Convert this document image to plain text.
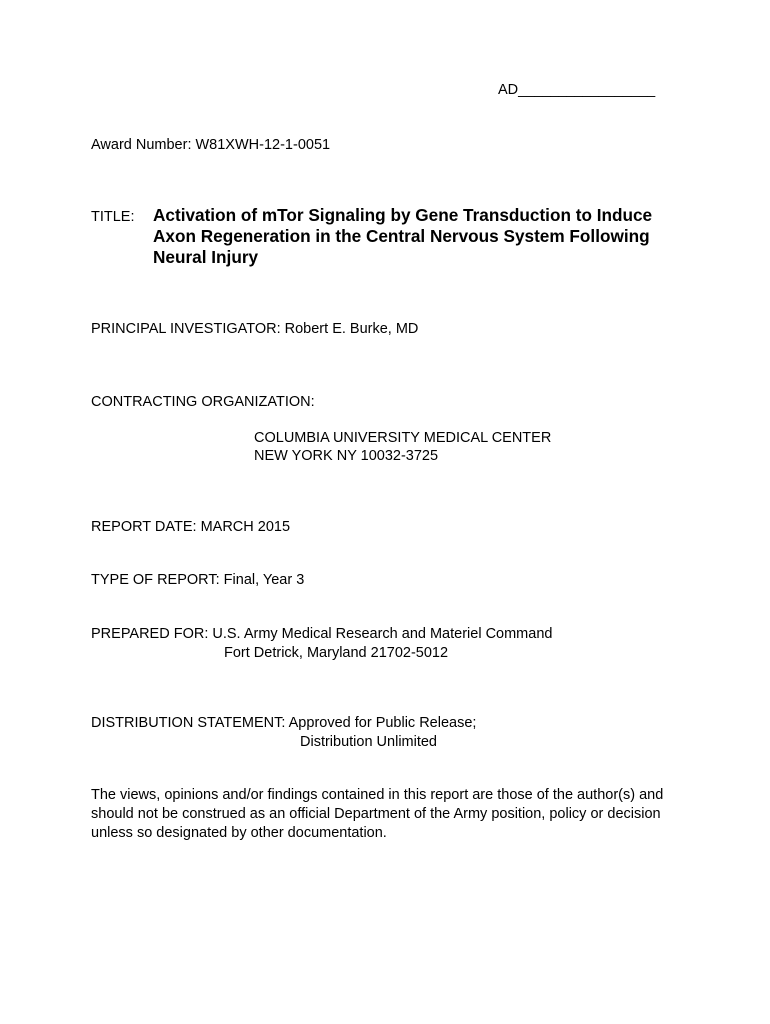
AD_________________
Award Number: W81XWH-12-1-0051
TITLE: Activation of mTor Signaling by Gene Transduction to Induce
Axon Regeneration in the Central Nervous System Following
Neural Injury
PRINCIPAL INVESTIGATOR: Robert E. Burke, MD
CONTRACTING ORGANIZATION:
COLUMBIA UNIVERSITY MEDICAL CENTER
NEW YORK NY 10032-3725
REPORT DATE: MARCH 2015
TYPE OF REPORT: Final, Year 3
PREPARED FOR: U.S. Army Medical Research and Materiel Command
Fort Detrick, Maryland 21702-5012
DISTRIBUTION STATEMENT: Approved for Public Release;
Distribution Unlimited
The views, opinions and/or findings contained in this report are those of the author(s) and
should not be construed as an official Department of the Army position, policy or decision
unless so designated by other documentation.
